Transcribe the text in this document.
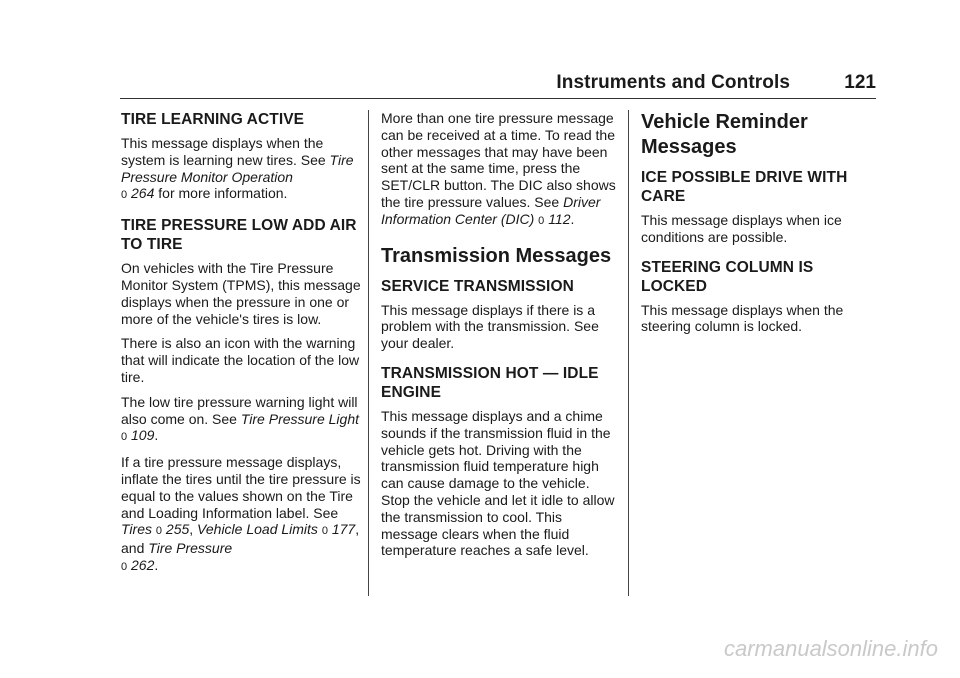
Instruments and Controls	121
TIRE LEARNING ACTIVE

This message displays when the system is learning new tires. See Tire Pressure Monitor Operation
0 264 for more information.

TIRE PRESSURE LOW ADD AIR TO TIRE

On vehicles with the Tire Pressure Monitor System (TPMS), this message displays when the pressure in one or more of the vehicle's tires is low.

There is also an icon with the warning that will indicate the location of the low tire.

The low tire pressure warning light will also come on. See Tire Pressure Light 0 109.

If a tire pressure message displays, inflate the tires until the tire pressure is equal to the values shown on the Tire and Loading Information label. See Tires 0 255, Vehicle Load Limits 0 177, and Tire Pressure
0 262.

More than one tire pressure message can be received at a time. To read the other messages that may have been sent at the same time, press the SET/CLR button. The DIC also shows the tire pressure values. See Driver Information Center (DIC) 0 112.

Transmission Messages
SERVICE TRANSMISSION

This message displays if there is a problem with the transmission. See your dealer.

TRANSMISSION HOT — IDLE ENGINE

This message displays and a chime sounds if the transmission fluid in the vehicle gets hot. Driving with the transmission fluid temperature high can cause damage to the vehicle. Stop the vehicle and let it idle to allow the transmission to cool. This message clears when the fluid temperature reaches a safe level.

Vehicle Reminder Messages
ICE POSSIBLE DRIVE WITH CARE

This message displays when ice conditions are possible.

STEERING COLUMN IS LOCKED

This message displays when the steering column is locked.

carmanualsonline.info
